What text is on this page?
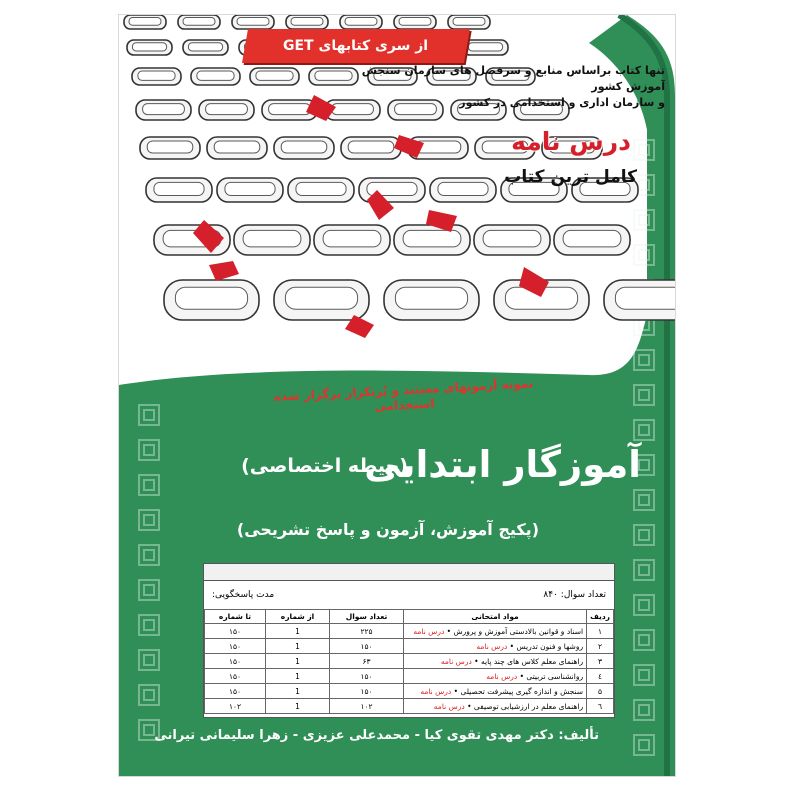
از سری کتابهای GET
تنها کتاب براساس منابع و سرفصل های سازمان سنجش آموزش کشور
و سازمان اداری و استخدامی در کشور
درس نامه
کامل ترین کتاب
نمونه آزمونهای مستند و پُرتکرار برگزار شده استخدامی
آموزگار ابتدایی
(حیطه اختصاصی)
(پکیج آموزش، آزمون و پاسخ تشریحی)
تعداد سوال: ۸۴۰
مدت پاسخگویی:
ردیف	مواد امتحانی	تعداد سوال	از شماره	تا شماره
۱	اسناد و قوانین بالادستی آموزش و پرورش • درس نامه	۲۲۵	1	۱۵۰
۲	روشها و فنون تدریس • درس نامه	۱۵۰	1	۱۵۰
۳	راهنمای معلم کلاس های چند پایه • درس نامه	۶۳	1	۱۵۰
٤	روانشناسی تربیتی • درس نامه	۱۵۰	1	۱۵۰
۵	سنجش و اندازه گیری پیشرفت تحصیلی • درس نامه	۱۵۰	1	۱۵۰
٦	راهنمای معلم در ارزشیابی توصیفی • درس نامه	۱۰۲	1	۱۰۲
تألیف: دکتر مهدی تقوی کیا - محمدعلی عزیزی - زهرا سلیمانی تیرانی
